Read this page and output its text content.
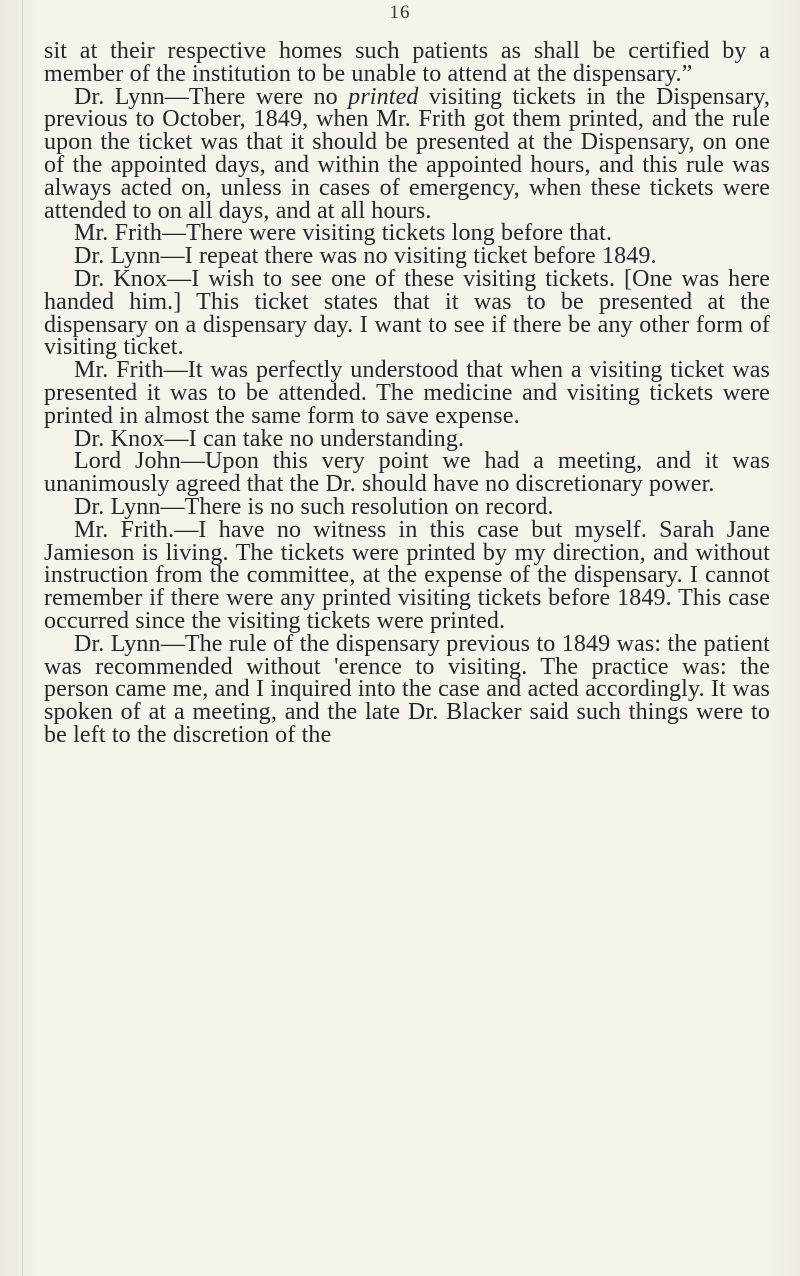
16

sit at their respective homes such patients as shall be certified by a member of the institution to be unable to attend at the dispensary.”

Dr. Lynn—There were no printed visiting tickets in the Dispensary, previous to October, 1849, when Mr. Frith got them printed, and the rule upon the ticket was that it should be presented at the Dispensary, on one of the appointed days, and within the appointed hours, and this rule was always acted on, unless in cases of emergency, when these tickets were attended to on all days, and at all hours.

Mr. Frith—There were visiting tickets long before that.

Dr. Lynn—I repeat there was no visiting ticket before 1849.

Dr. Knox—I wish to see one of these visiting tickets. [One was here handed him.] This ticket states that it was to be presented at the dispensary on a dispensary day. I want to see if there be any other form of visiting ticket.

Mr. Frith—It was perfectly understood that when a visiting ticket was presented it was to be attended. The medicine and visiting tickets were printed in almost the same form to save expense.

Dr. Knox—I can take no understanding.

Lord John—Upon this very point we had a meeting, and it was unanimously agreed that the Dr. should have no discretionary power.

Dr. Lynn—There is no such resolution on record.

Mr. Frith.—I have no witness in this case but myself. Sarah Jane Jamieson is living. The tickets were printed by my direction, and without instruction from the committee, at the expense of the dispensary. I cannot remember if there were any printed visiting tickets before 1849. This case occurred since the visiting tickets were printed.

Dr. Lynn—The rule of the dispensary previous to 1849 was: the patient was recommended without 'erence to visiting. The practice was: the person came me, and I inquired into the case and acted accordingly. It was spoken of at a meeting, and the late Dr. Blacker said such things were to be left to the discretion of the
